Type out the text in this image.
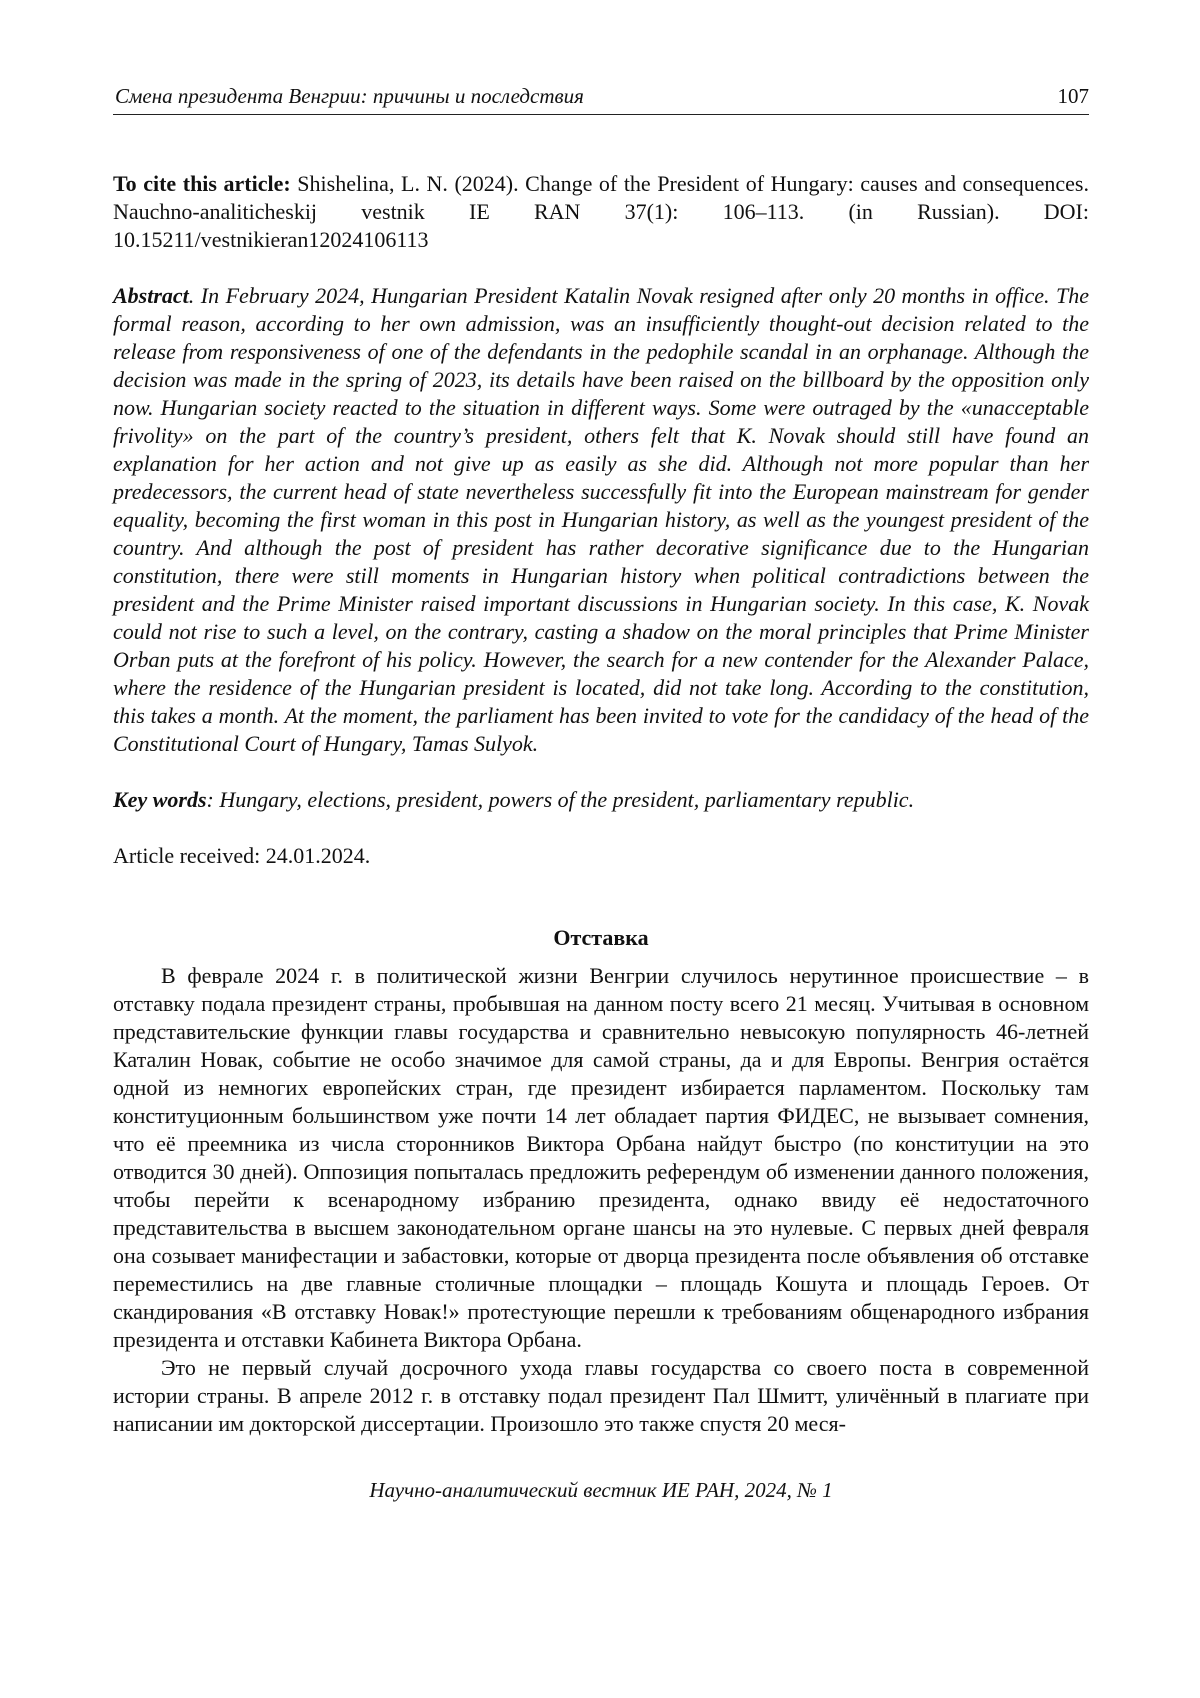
Смена президента Венгрии: причины и последствия	107
To cite this article: Shishelina, L. N. (2024). Change of the President of Hungary: causes and consequences. Nauchno-analiticheskij vestnik IE RAN 37(1): 106–113. (in Russian). DOI: 10.15211/vestnikieran12024106113
Abstract. In February 2024, Hungarian President Katalin Novak resigned after only 20 months in office. The formal reason, according to her own admission, was an insufficiently thought-out decision related to the release from responsiveness of one of the defendants in the pedophile scandal in an orphanage. Although the decision was made in the spring of 2023, its details have been raised on the billboard by the opposition only now. Hungarian society reacted to the situation in different ways. Some were outraged by the «unacceptable frivolity» on the part of the country’s president, others felt that K. Novak should still have found an explanation for her action and not give up as easily as she did. Although not more popular than her predecessors, the current head of state nevertheless successfully fit into the European mainstream for gender equality, becoming the first woman in this post in Hungarian history, as well as the youngest president of the country. And although the post of president has rather decorative significance due to the Hungarian constitution, there were still moments in Hungarian history when political contradictions between the president and the Prime Minister raised important discussions in Hungarian society. In this case, K. Novak could not rise to such a level, on the contrary, casting a shadow on the moral principles that Prime Minister Orban puts at the forefront of his policy. However, the search for a new contender for the Alexander Palace, where the residence of the Hungarian president is located, did not take long. According to the constitution, this takes a month. At the moment, the parliament has been invited to vote for the candidacy of the head of the Constitutional Court of Hungary, Tamas Sulyok.
Key words: Hungary, elections, president, powers of the president, parliamentary republic.
Article received: 24.01.2024.
Отставка

В феврале 2024 г. в политической жизни Венгрии случилось нерутинное происшествие – в отставку подала президент страны, пробывшая на данном посту всего 21 месяц. Учитывая в основном представительские функции главы государства и сравнительно невысокую популярность 46-летней Каталин Новак, событие не особо значимое для самой страны, да и для Европы. Венгрия остаётся одной из немногих европейских стран, где президент избирается парламентом. Поскольку там конституционным большинством уже почти 14 лет обладает партия ФИДЕС, не вызывает сомнения, что её преемника из числа сторонников Виктора Орбана найдут быстро (по конституции на это отводится 30 дней). Оппозиция попыталась предложить референдум об изменении данного положения, чтобы перейти к всенародному избранию президента, однако ввиду её недостаточного представительства в высшем законодательном органе шансы на это нулевые. С первых дней февраля она созывает манифестации и забастовки, которые от дворца президента после объявления об отставке переместились на две главные столичные площадки – площадь Кошута и площадь Героев. От скандирования «В отставку Новак!» протестующие перешли к требованиям общенародного избрания президента и отставки Кабинета Виктора Орбана.

Это не первый случай досрочного ухода главы государства со своего поста в современной истории страны. В апреле 2012 г. в отставку подал президент Пал Шмитт, уличённый в плагиате при написании им докторской диссертации. Произошло это также спустя 20 меся-

Научно-аналитический вестник ИЕ РАН, 2024, № 1
